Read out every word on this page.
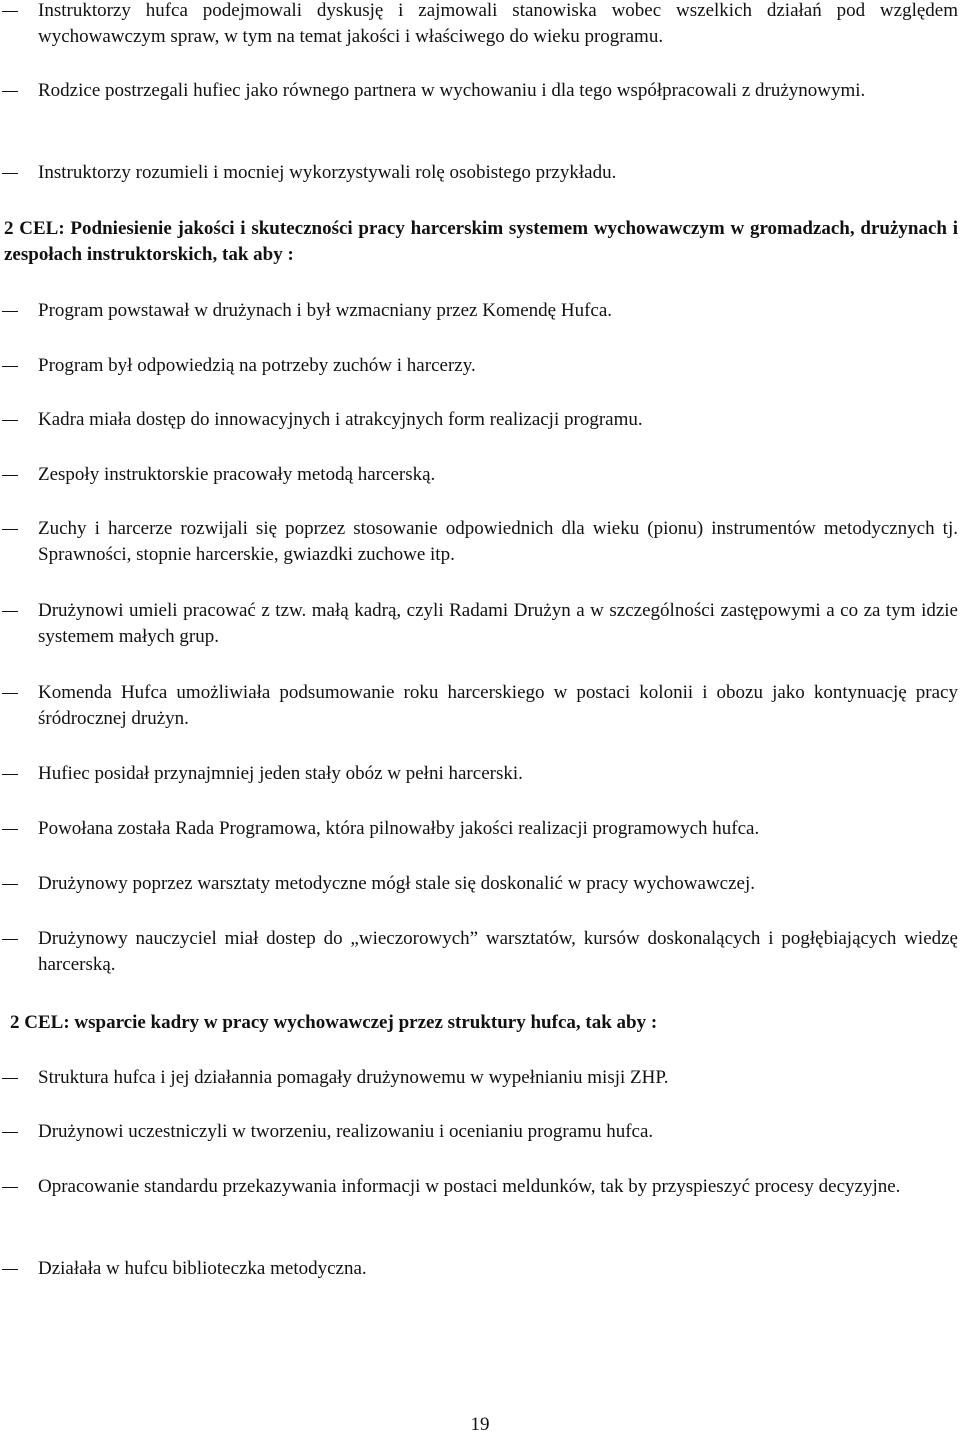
Instruktorzy hufca podejmowali dyskusję i zajmowali stanowiska wobec wszelkich działań pod względem wychowawczym spraw, w tym na temat jakości i właściwego do wieku programu.
Rodzice postrzegali hufiec jako równego partnera w wychowaniu i dla tego współpracowali z drużynowymi.
Instruktorzy rozumieli i mocniej wykorzystywali rolę osobistego przykładu.
2 CEL: Podniesienie jakości i skuteczności pracy harcerskim systemem wychowawczym w gromadzach, drużynach i zespołach instruktorskich, tak aby :
Program powstawał w drużynach i był wzmacniany przez Komendę Hufca.
Program był odpowiedzią na potrzeby zuchów i harcerzy.
Kadra miała dostęp do innowacyjnych i atrakcyjnych form realizacji programu.
Zespoły instruktorskie pracowały metodą harcerską.
Zuchy i harcerze rozwijali się poprzez stosowanie odpowiednich dla wieku (pionu) instrumentów metodycznych tj. Sprawności, stopnie harcerskie, gwiazdki zuchowe itp.
Drużynowi umieli pracować z tzw. małą kadrą, czyli Radami Drużyn a w szczególności zastępowymi a co za tym idzie systemem małych grup.
Komenda Hufca umożliwiała podsumowanie roku harcerskiego w postaci kolonii i obozu jako kontynuację pracy śródrocznej drużyn.
Hufiec posidał przynajmniej jeden stały obóz w pełni harcerski.
Powołana została Rada Programowa, która pilnowałby jakości realizacji programowych hufca.
Drużynowy poprzez warsztaty metodyczne mógł stale się doskonalić w pracy wychowawczej.
Drużynowy nauczyciel miał dostep do „wieczorowych” warsztatów, kursów doskonalących i pogłębiających wiedzę harcerską.
2 CEL: wsparcie kadry w pracy wychowawczej przez struktury hufca, tak aby :
Struktura hufca i jej działannia pomagały drużynowemu w wypełnianiu misji ZHP.
Drużynowi uczestniczyli w tworzeniu, realizowaniu i ocenianiu programu hufca.
Opracowanie standardu przekazywania informacji w postaci meldunków, tak by przyspieszyć procesy decyzyjne.
Działała w hufcu biblioteczka metodyczna.
19
